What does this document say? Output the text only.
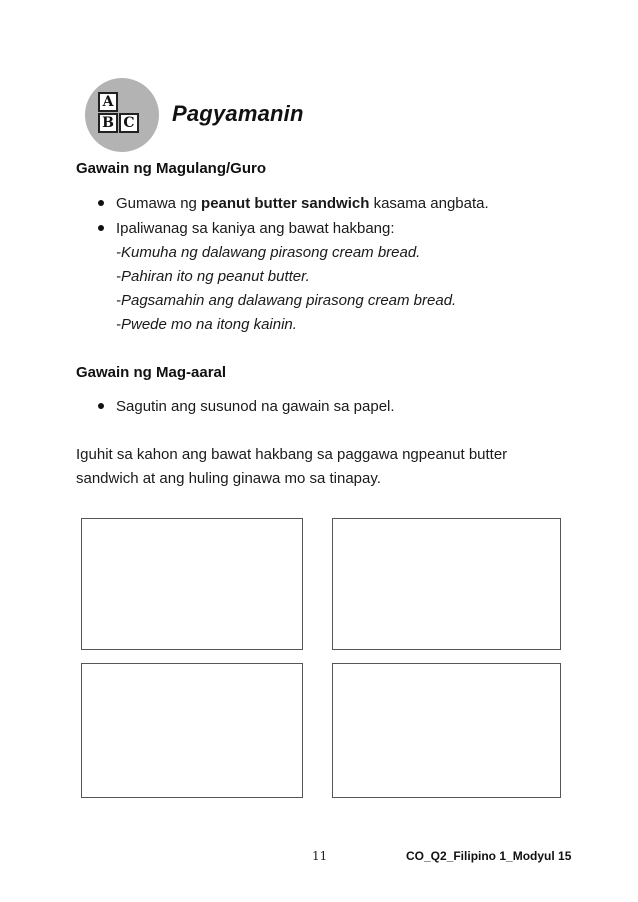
A
B C Pagyamanin
Gawain ng Magulang/Guro
Gumawa ng peanut butter sandwich kasama angbata.
Ipaliwanag sa kaniya ang bawat hakbang:
-Kumuha ng dalawang pirasong cream bread.
-Pahiran ito ng peanut butter.
-Pagsamahin ang dalawang pirasong cream bread.
-Pwede mo na itong kainin.
Gawain ng Mag-aaral
Sagutin ang susunod na gawain sa papel.
Iguhit sa kahon ang bawat hakbang sa paggawa ngpeanut butter
sandwich at ang huling ginawa mo sa tinapay.
11	CO_Q2_Filipino 1_Modyul 15
